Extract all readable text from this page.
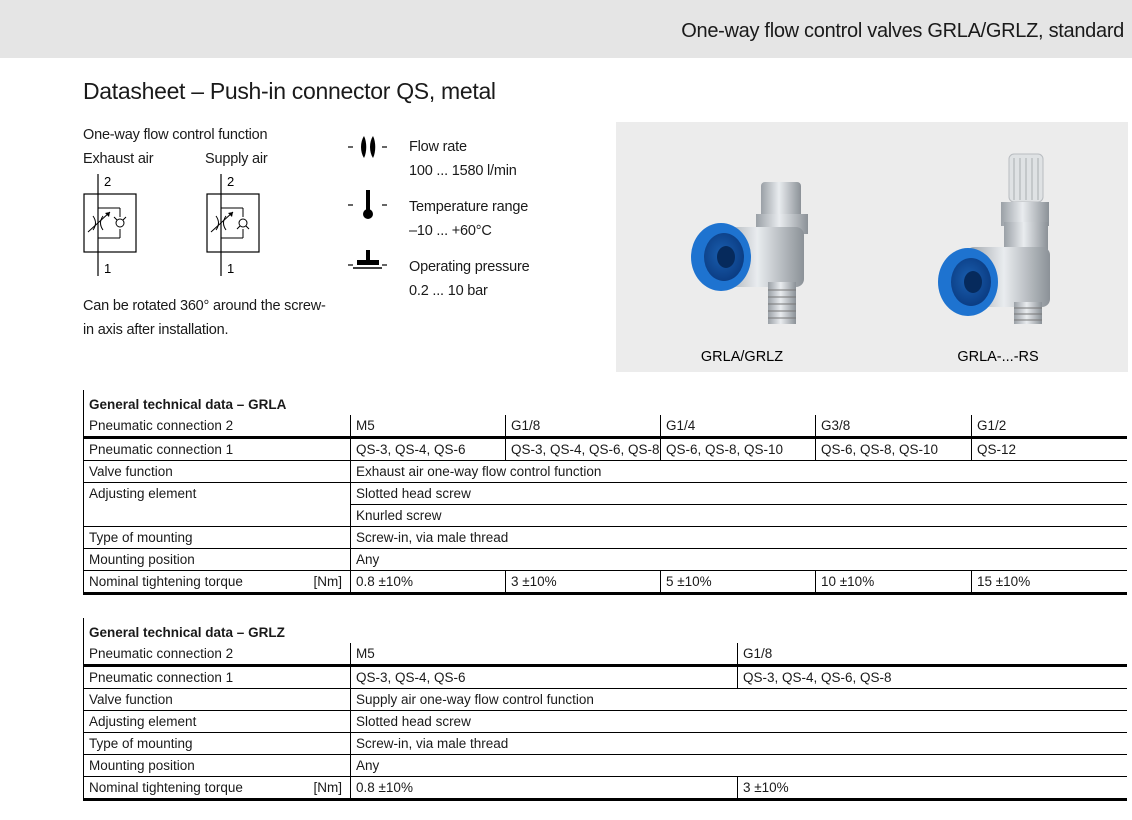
One-way flow control valves GRLA/GRLZ, standard
Datasheet – Push-in connector QS, metal
One-way flow control function
Exhaust air	Supply air
2
1
2
1
Can be rotated 360° around the screw-
in axis after installation.
Flow rate
100 ... 1580 l/min
Temperature range
–10 ... +60°C
Operating pressure
0.2 ... 10 bar
GRLA/GRLZ	GRLA-...-RS
General technical data – GRLA					
Pneumatic connection 2	M5	G1/8	G1/4	G3/8	G1/2
Pneumatic connection 1	QS-3, QS-4, QS-6	QS-3, QS-4, QS-6, QS-8	QS-6, QS-8, QS-10	QS-6, QS-8, QS-10	QS-12
Valve function	Exhaust air one-way flow control function				
Adjusting element	Slotted head screw				
	Knurled screw				
Type of mounting	Screw-in, via male thread				
Mounting position	Any				

Nominal tightening torque [Nm]	0.8 ±10%	3 ±10%	5 ±10%	10 ±10%	15 ±10%
General technical data – GRLZ		
Pneumatic connection 2	M5	G1/8
Pneumatic connection 1	QS-3, QS-4, QS-6	QS-3, QS-4, QS-6, QS-8
Valve function	Supply air one-way flow control function	
Adjusting element	Slotted head screw	
Type of mounting	Screw-in, via male thread	
Mounting position	Any	

Nominal tightening torque [Nm]	0.8 ±10%	3 ±10%
